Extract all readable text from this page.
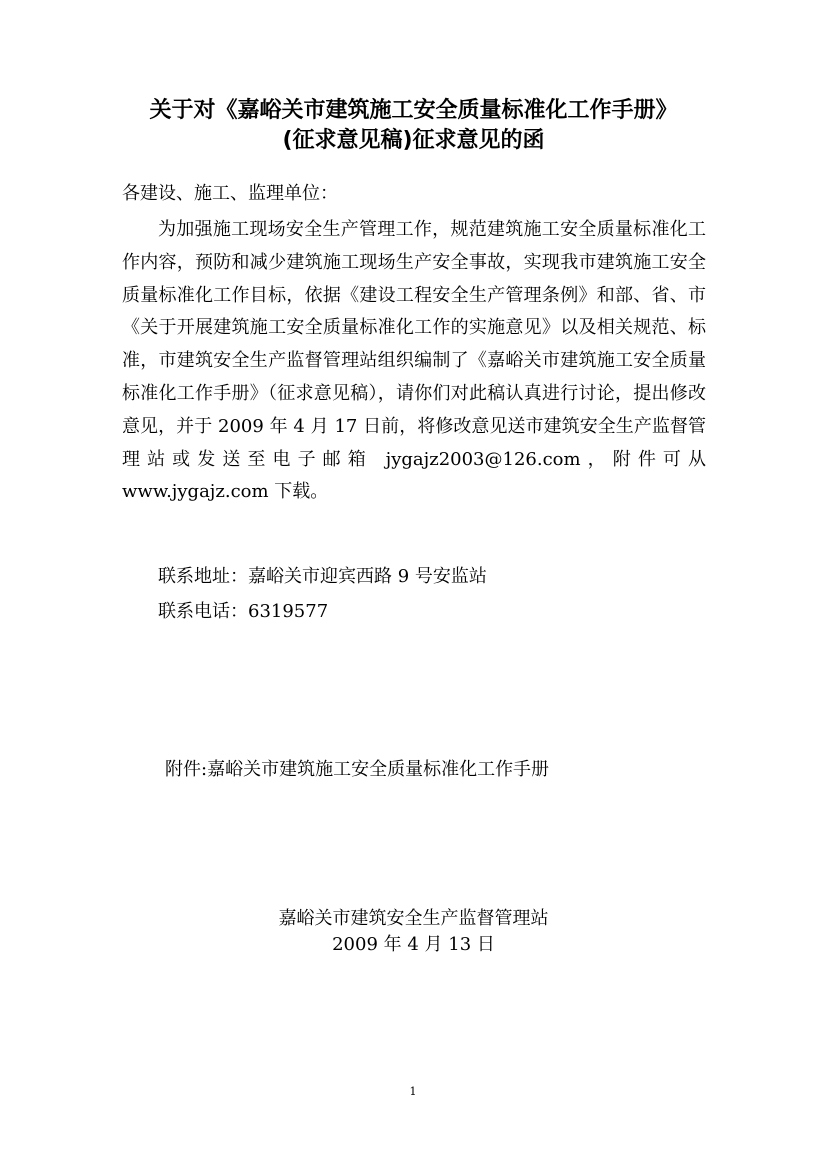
关于对《嘉峪关市建筑施工安全质量标准化工作手册》
(征求意见稿)征求意见的函

各建设、施工、监理单位：

为加强施工现场安全生产管理工作，规范建筑施工安全质量标准化工作内容，预防和减少建筑施工现场生产安全事故，实现我市建筑施工安全质量标准化工作目标，依据《建设工程安全生产管理条例》和部、省、市《关于开展建筑施工安全质量标准化工作的实施意见》以及相关规范、标准，市建筑安全生产监督管理站组织编制了《嘉峪关市建筑施工安全质量标准化工作手册》（征求意见稿），请你们对此稿认真进行讨论，提出修改意见，并于 2009 年 4 月 17 日前，将修改意见送市建筑安全生产监督管理站或发送至电子邮箱 jygajz2003@126.com，附件可从 www.jygajz.com 下载。

联系地址：嘉峪关市迎宾西路 9 号安监站

联系电话：6319577

附件:嘉峪关市建筑施工安全质量标准化工作手册

嘉峪关市建筑安全生产监督管理站

2009 年 4 月 13 日

1
